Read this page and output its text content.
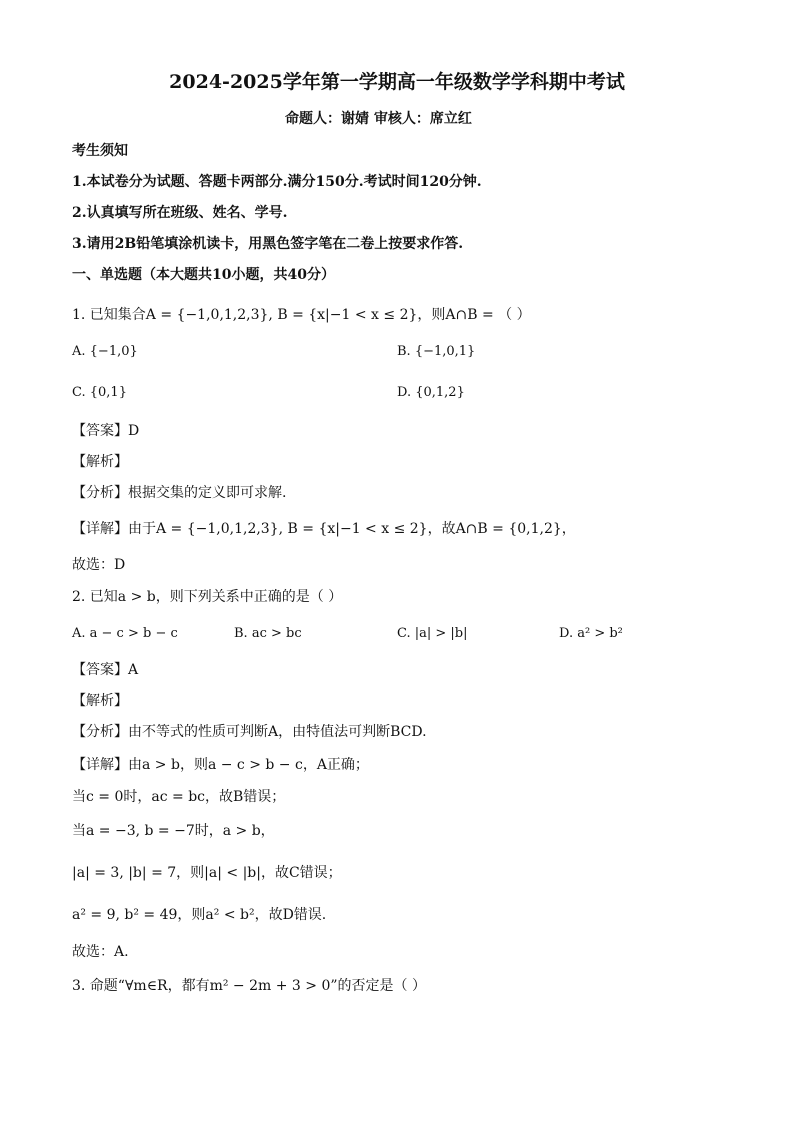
2024-2025学年第一学期高一年级数学学科期中考试
命题人：谢婧 审核人：席立红
考生须知
1.本试卷分为试题、答题卡两部分.满分150分.考试时间120分钟.
2.认真填写所在班级、姓名、学号.
3.请用2B铅笔填涂机读卡，用黑色签字笔在二卷上按要求作答.
一、单选题（本大题共10小题，共40分）
1. 已知集合A = {−1,0,1,2,3}, B = {x|−1 < x ≤ 2}，则A∩B = （ ）
A. {−1,0}	B. {−1,0,1}
C. {0,1}	D. {0,1,2}
【答案】D
【解析】
【分析】根据交集的定义即可求解.
【详解】由于A = {−1,0,1,2,3}, B = {x|−1 < x ≤ 2}，故A∩B = {0,1,2}，
故选：D
2. 已知a > b，则下列关系中正确的是（ ）
A. a − c > b − c	B. ac > bc	C. |a| > |b|	D. a² > b²
【答案】A
【解析】
【分析】由不等式的性质可判断A，由特值法可判断BCD.
【详解】由a > b，则a − c > b − c，A正确；
当c = 0时，ac = bc，故B错误；
当a = −3, b = −7时，a > b，
|a| = 3, |b| = 7，则|a| < |b|，故C错误；
a² = 9, b² = 49，则a² < b²，故D错误.
故选：A.
3. 命题“∀m∈R，都有m² − 2m + 3 > 0”的否定是（ ）
